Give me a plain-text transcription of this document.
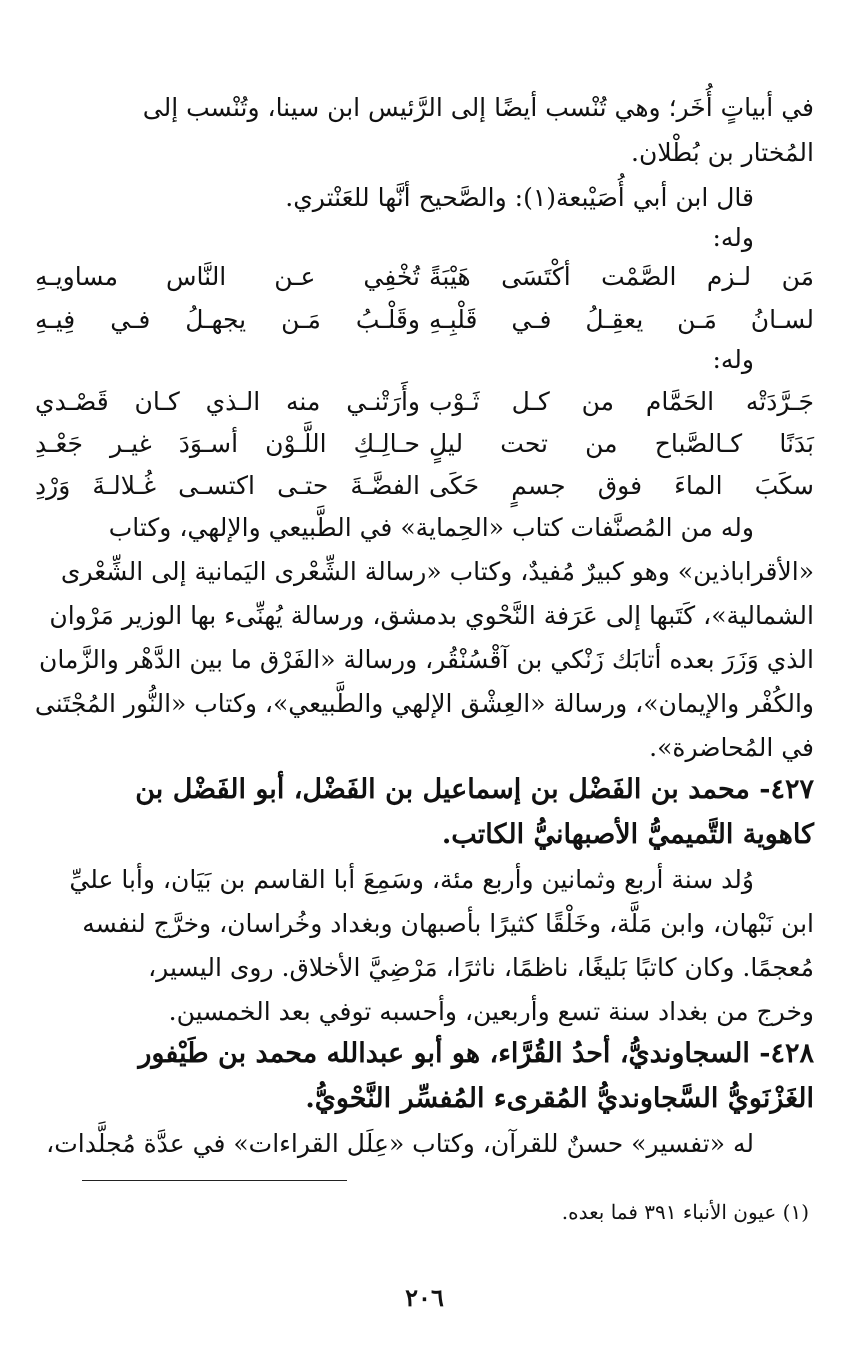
في أبياتٍ أُخَر؛ وهي تُنْسب أيضًا إلى الرَّئيس ابن سينا، وتُنْسب إلى
المُختار بن بُطْلان.
قال ابن أبي أُصَيْبعة(١): والصَّحيح أنَّها للعَنْتري.
وله:
مَن لـزم الصَّمْت أكْتَسَى هَيْبَةً
تُخْفِي عـن النَّاس مساويـهِ
لسـانُ مَـن يعقِـلُ فـي قَلْبِـهِ
وقَلْـبُ مَـن يجهـلُ فـي فِيـهِ
وله:
جَـرَّدَتْه الحَمَّام من كـل ثَـوْب
وأَرَتْنـي منه الـذي كـان قَصْـدي
بَدَنًا كـالصَّباح من تحت ليلٍ
حـالِـكِ اللَّـوْن أسـوَدَ غيـر جَعْـدِ
سكَبَ الماءَ فوق جسمٍ حَكَى
الفضَّـةَ حتـى اكتسـى غُـلالـةَ وَرْدِ
وله من المُصنَّفات كتاب «الحِماية» في الطَّبيعي والإلهي، وكتاب
«الأقراباذين» وهو كبيرٌ مُفيدٌ، وكتاب «رسالة الشِّعْرى اليَمانية إلى الشِّعْرى
الشمالية»، كَتَبها إلى عَرَفة النَّحْوي بدمشق، ورسالة يُهنِّىء بها الوزير مَرْوان
الذي وَزَرَ بعده أتابَك زَنْكي بن آقْسُنْقُر، ورسالة «الفَرْق ما بين الدَّهْر والزَّمان
والكُفْر والإيمان»، ورسالة «العِشْق الإلهي والطَّبيعي»، وكتاب «النُّور المُجْتَنى
في المُحاضرة».
٤٢٧- محمد بن الفَضْل بن إسماعيل بن الفَضْل، أبو الفَضْل بن
كاهوية التَّميميُّ الأصبهانيُّ الكاتب.
وُلد سنة أربع وثمانين وأربع مئة، وسَمِعَ أبا القاسم بن بَيَان، وأبا عليِّ
ابن نَبْهان، وابن مَلَّة، وخَلْقًا كثيرًا بأصبهان وبغداد وخُراسان، وخرَّج لنفسه
مُعجمًا. وكان كاتبًا بَليغًا، ناظمًا، ناثرًا، مَرْضِيَّ الأخلاق. روى اليسير،
وخرج من بغداد سنة تسع وأربعين، وأحسبه توفي بعد الخمسين.
٤٢٨- السجاونديُّ، أحدُ القُرَّاء، هو أبو عبدالله محمد بن طَيْفور
الغَزْنَويُّ السَّجاونديُّ المُقرىء المُفسِّر النَّحْويُّ.
له «تفسير» حسنٌ للقرآن، وكتاب «عِلَل القراءات» في عدَّة مُجلَّدات،
(١) عيون الأنباء ٣٩١ فما بعده.
٢٠٦
